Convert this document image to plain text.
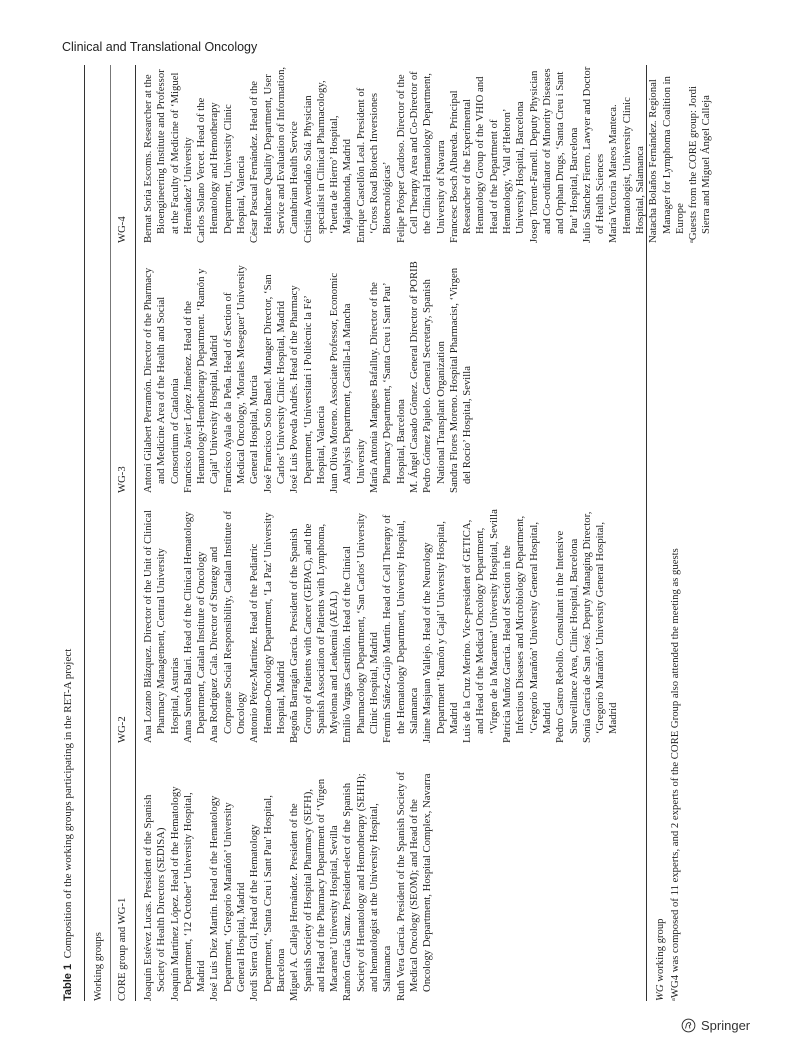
Clinical and Translational Oncology
Table 1  Composition of the working groups participating in the RET-A project
Working groups CORE group and WG-1
WG-2
WG-3
WG-4
Joaquín Estévez Lucas. President of the Spanish Society of Health Directors (SEDISA) Joaquín Martínez López. Head of the Hematology Department, ‘12 October’ University Hospital, Madrid José Luis Díez Martín. Head of the Hematology Department, ‘Gregorio Marañón’ University General Hospital, Madrid Jordi Sierra Gil, Head of the Hematology Department, ‘Santa Creu i Sant Pau’ Hospital, Barcelona Miguel A. Calleja Hernández. President of the Spanish Society of Hospital Pharmacy (SEFH), and Head of the Pharmacy Department of ‘Virgen Macarena’ University Hospital, Sevilla Ramón García Sanz. President-elect of the Spanish Society of Hematology and Hemotherapy (SEHH); and hematologist at the University Hospital, Salamanca Ruth Vera García. President of the Spanish Society of Medical Oncology (SEOM); and Head of the Oncology Department, Hospital Complex, Navarra
Ana Lozano Blázquez. Director of the Unit of Clinical Pharmacy Management, Central University Hospital, Asturias Anna Sureda Balari. Head of the Clinical Hematology Department, Catalan Institute of Oncology Ana Rodríguez Cala. Director of Strategy and Corporate Social Responsibility, Catalan Institute of Oncology Antonio Pérez-Martínez. Head of the Pediatric Hemato-Oncology Department, ‘La Paz’ University Hospital, Madrid Begoña Barragán García. President of the Spanish Group of Patients with Cancer (GEPAC), and the Spanish Association of Patients with Lymphoma, Myeloma and Leukemia (AEAL) Emilio Vargas Castrillón. Head of the Clinical Pharmacology Department, ‘San Carlos’ University Clinic Hospital, Madrid Fermín Sáñez-Guijo Martín. Head of Cell Therapy of the Hematology Department, University Hospital, Salamanca Jaime Masjuan Vallejo. Head of the Neurology Department ‘Ramón y Cajal’ University Hospital, Madrid Luis de la Cruz Merino. Vice-president of GETICA, and Head of the Medical Oncology Department, ‘Virgen de la Macarena’ University Hospital, Sevilla Patricia Muñoz García. Head of Section in the Infectious Diseases and Microbiology Department, ‘Gregorio Marañón’ University General Hospital, Madrid Pedro Castro Rebollo. Consultant in the Intensive Surveillance Area, Clinic Hospital, Barcelona Sonia García de San José. Deputy Managing Director, ‘Gregorio Marañón’ University General Hospital, Madrid
Antoni Gilabert Perramón. Director of the Pharmacy and Medicine Area of the Health and Social Consortium of Catalonia Francisco Javier López Jiménez. Head of the Hematology-Hemotherapy Department. ‘Ramón y Cajal’ University Hospital, Madrid Francisco Ayala de la Peña. Head of Section of Medical Oncology, ‘Morales Meseguer’ University General Hospital, Murcia José Francisco Soto Banel. Manager Director, ‘San Carlos’ University Clinic Hospital, Madrid José Luis Poveda Andrés. Head of the Pharmacy Department, ‘Universitari i Politècnic la Fé’ Hospital, Valencia Juan Oliva Moreno. Associate Professor, Economic Analysis Department, Castilla-La Mancha University María Antonia Mangues Bafalluy. Director of the Pharmacy Department, ‘Santa Creu i Sant Pau’ Hospital, Barcelona M. Ángel Casado Gómez. General Director of PORIB Pedro Gómez Pajuelo. General Secretary, Spanish National Transplant Organization Sandra Flores Moreno. Hospital Pharmacist, ‘Virgen del Rocío’ Hospital, Sevilla
Bernat Soria Escoms. Researcher at the Bioengineering Institute and Professor at the Faculty of Medicine of ‘Miguel Hernández’ University Carlos Solano Vercet. Head of the Hematology and Hemotherapy Department, University Clinic Hospital, Valencia César Pascual Fernández. Head of the Healthcare Quality Department, User Service and Evaluation of Information, Cantabrian Health Service Cristina Avendaño Solá. Physician specialist in Clinical Pharmacology, ‘Puerta de Hierro’ Hospital, Majadahonda, Madrid Enrique Castellón Leal. President of ‘Cross Road Biotech Inversiones Biotecnológicas’ Felipe Prósper Cardoso. Director of the Cell Therapy Area and Co-Director of the Clinical Hematology Department, University of Navarra Francesc Bosch Albareda. Principal Researcher of the Experimental Hematology Group of the VHIO and Head of the Department of Hematology, ‘Vall d’Hebron’ University Hospital, Barcelona Josep Torrent-Farnell. Deputy Physician and Co-ordinator of Minority Diseases and Orphan Drugs, ‘Santa Creu i Sant Pau’ Hospital, Barcelona Julio Sánchez Fierro. Lawyer and Doctor of Health Sciences María Victoria Mateos Manteca. Hematologist, University Clinic Hospital, Salamanca Natacha Bolaños Fernández. Regional Manager for Lymphoma Coalition in Europe ᵃGuests from the CORE group: Jordi Sierra and Miguel Ángel Calleja
WG working group ᵃWG4 was composed of 11 experts, and 2 experts of the CORE Group also attended the meeting as guests
Springer
